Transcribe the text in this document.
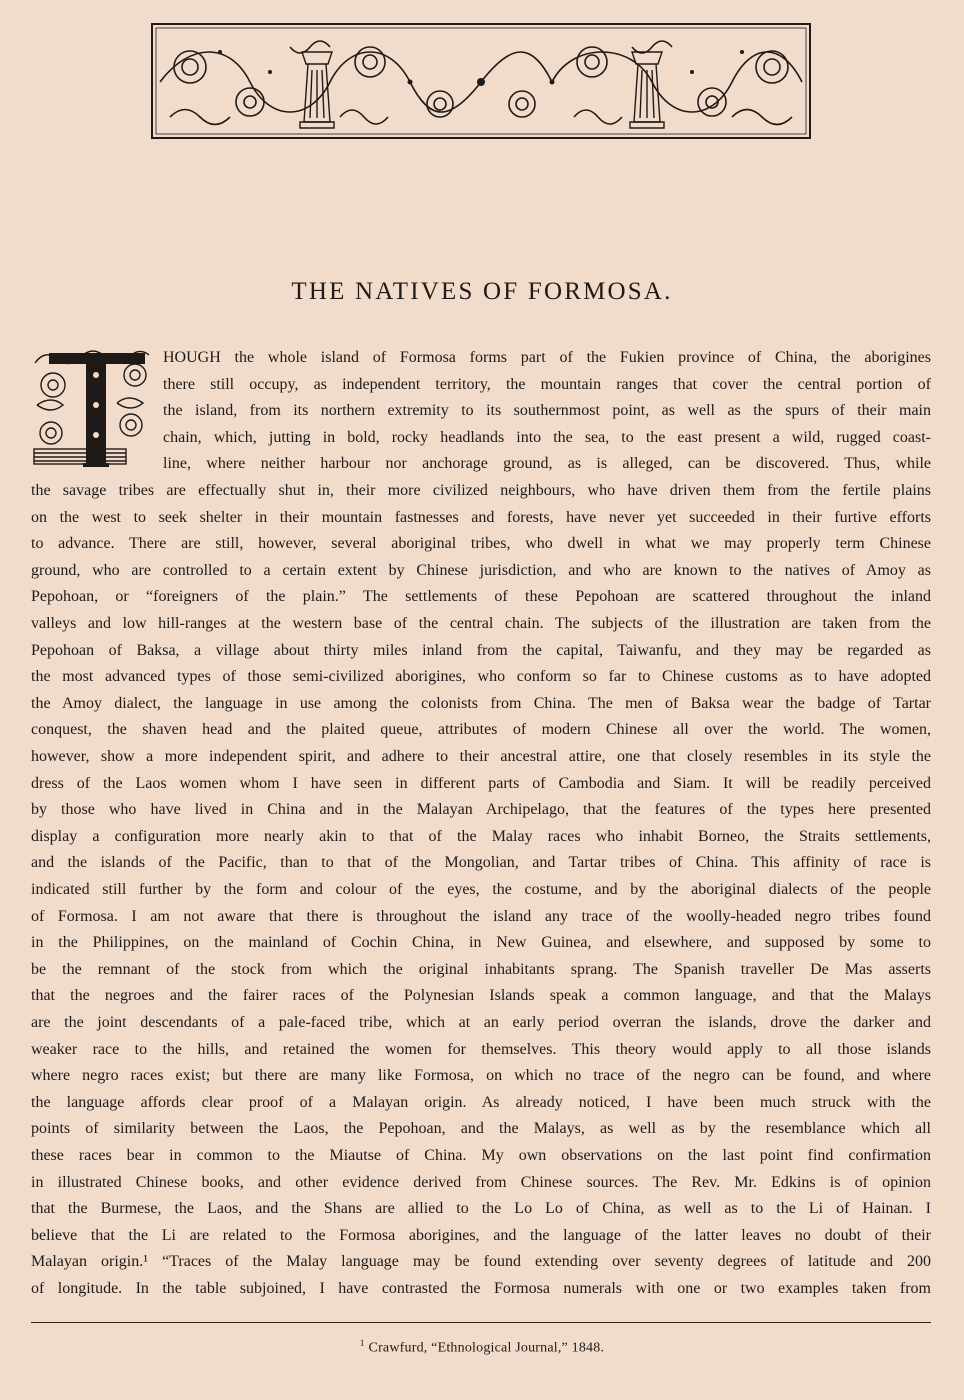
THE NATIVES OF FORMOSA.
HOUGH the whole island of Formosa forms part of the Fukien province of China, the aborigines
there still occupy, as independent territory, the mountain ranges that cover the central portion of
the island, from its northern extremity to its southernmost point, as well as the spurs of their main
chain, which, jutting in bold, rocky headlands into the sea, to the east present a wild, rugged coast-
line, where neither harbour nor anchorage ground, as is alleged, can be discovered. Thus, while
the savage tribes are effectually shut in, their more civilized neighbours, who have driven them from the fertile plains
on the west to seek shelter in their mountain fastnesses and forests, have never yet succeeded in their furtive efforts
to advance. There are still, however, several aboriginal tribes, who dwell in what we may properly term Chinese
ground, who are controlled to a certain extent by Chinese jurisdiction, and who are known to the natives of Amoy as
Pepohoan, or “foreigners of the plain.” The settlements of these Pepohoan are scattered throughout the inland
valleys and low hill-ranges at the western base of the central chain. The subjects of the illustration are taken from the
Pepohoan of Baksa, a village about thirty miles inland from the capital, Taiwanfu, and they may be regarded as
the most advanced types of those semi-civilized aborigines, who conform so far to Chinese customs as to have adopted
the Amoy dialect, the language in use among the colonists from China. The men of Baksa wear the badge of Tartar
conquest, the shaven head and the plaited queue, attributes of modern Chinese all over the world. The women,
however, show a more independent spirit, and adhere to their ancestral attire, one that closely resembles in its style the
dress of the Laos women whom I have seen in different parts of Cambodia and Siam. It will be readily perceived
by those who have lived in China and in the Malayan Archipelago, that the features of the types here presented
display a configuration more nearly akin to that of the Malay races who inhabit Borneo, the Straits settlements,
and the islands of the Pacific, than to that of the Mongolian, and Tartar tribes of China. This affinity of race is
indicated still further by the form and colour of the eyes, the costume, and by the aboriginal dialects of the people
of Formosa. I am not aware that there is throughout the island any trace of the woolly-headed negro tribes found
in the Philippines, on the mainland of Cochin China, in New Guinea, and elsewhere, and supposed by some to
be the remnant of the stock from which the original inhabitants sprang. The Spanish traveller De Mas asserts
that the negroes and the fairer races of the Polynesian Islands speak a common language, and that the Malays
are the joint descendants of a pale-faced tribe, which at an early period overran the islands, drove the darker and
weaker race to the hills, and retained the women for themselves. This theory would apply to all those islands
where negro races exist; but there are many like Formosa, on which no trace of the negro can be found, and where
the language affords clear proof of a Malayan origin. As already noticed, I have been much struck with the
points of similarity between the Laos, the Pepohoan, and the Malays, as well as by the resemblance which all
these races bear in common to the Miautse of China. My own observations on the last point find confirmation
in illustrated Chinese books, and other evidence derived from Chinese sources. The Rev. Mr. Edkins is of opinion
that the Burmese, the Laos, and the Shans are allied to the Lo Lo of China, as well as to the Li of Hainan. I
believe that the Li are related to the Formosa aborigines, and the language of the latter leaves no doubt of their
Malayan origin.¹ “Traces of the Malay language may be found extending over seventy degrees of latitude and 200
of longitude. In the table subjoined, I have contrasted the Formosa numerals with one or two examples taken from
$^1$ Crawfurd, “Ethnological Journal,” 1848.
